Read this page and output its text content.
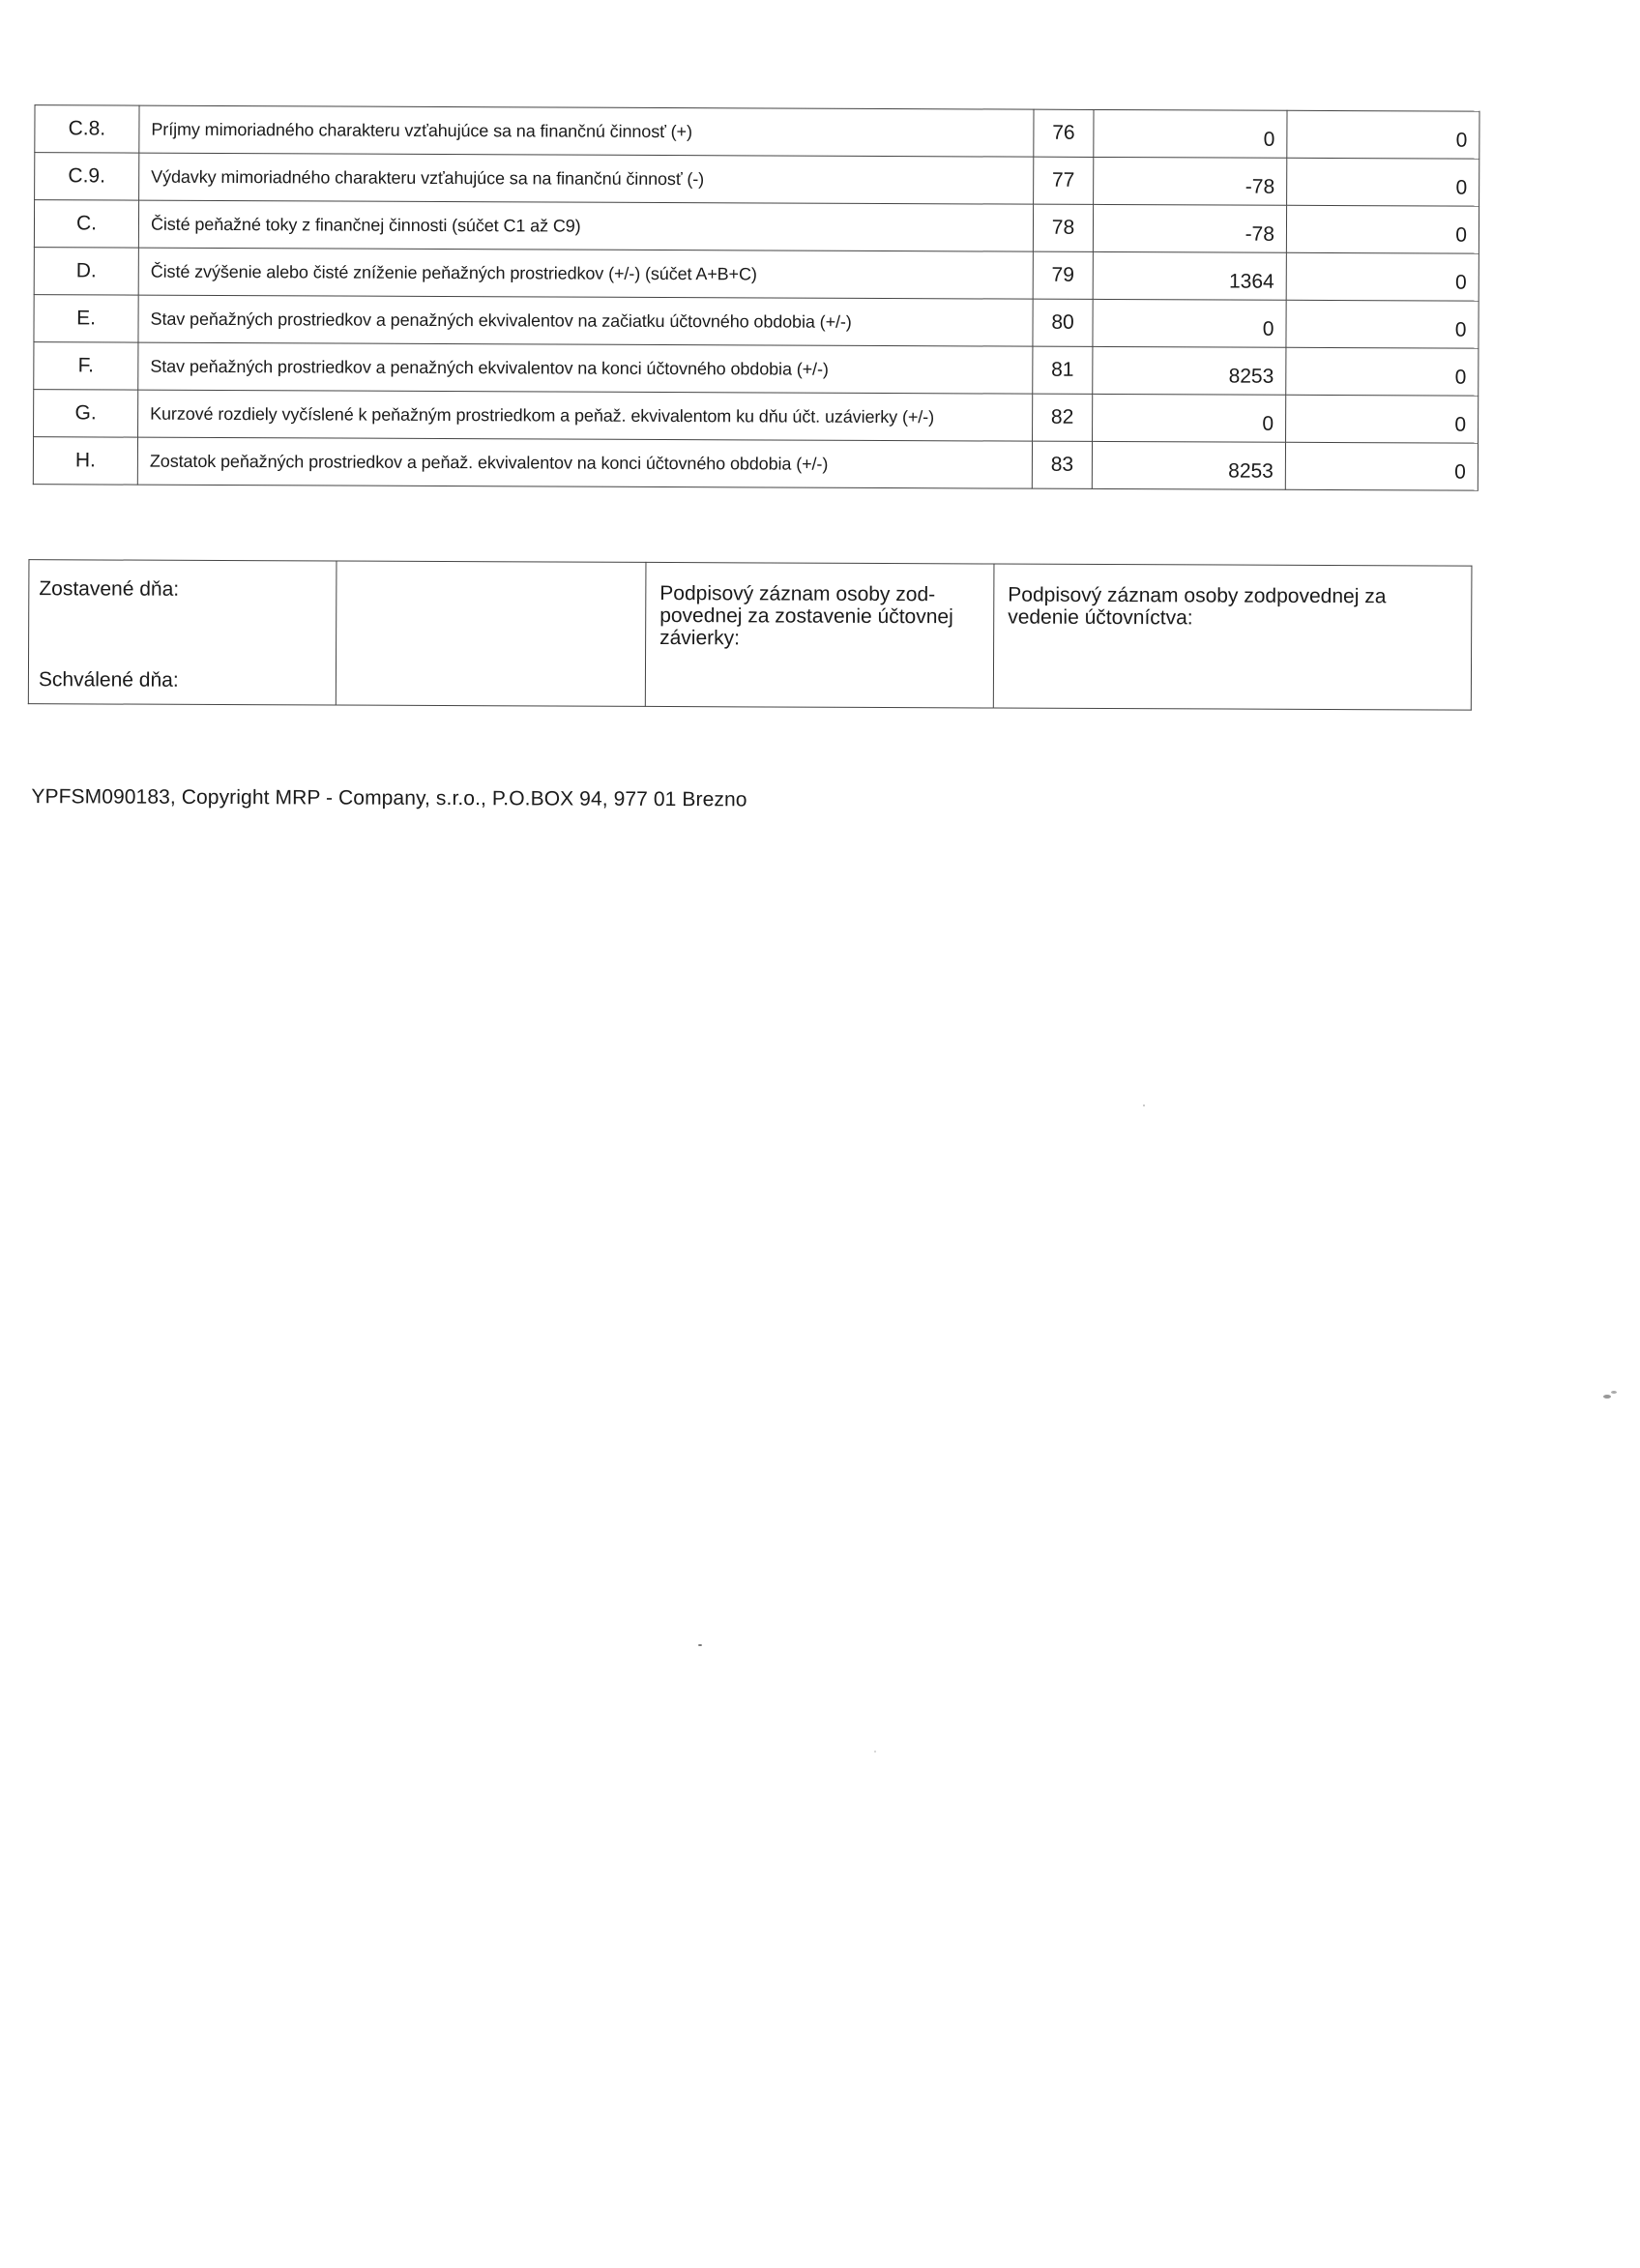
C.8.	Príjmy mimoriadného charakteru vzťahujúce sa na finančnú činnosť (+)	76	0	0
C.9.	Výdavky mimoriadného charakteru vzťahujúce sa na finančnú činnosť (-)	77	-78	0
C.	Čisté peňažné toky z finančnej činnosti (súčet C1 až C9)	78	-78	0
D.	Čisté zvýšenie alebo čisté zníženie peňažných prostriedkov (+/-) (súčet A+B+C)	79	1364	0
E.	Stav peňažných prostriedkov a penažných ekvivalentov na začiatku účtovného obdobia (+/-)	80	0	0
F.	Stav peňažných prostriedkov a penažných ekvivalentov na konci účtovného obdobia (+/-)	81	8253	0
G.	Kurzové rozdiely vyčíslené k peňažným prostriedkom a peňaž. ekvivalentom ku dňu účt. uzávierky (+/-)	82	0	0
H.	Zostatok peňažných prostriedkov a peňaž. ekvivalentov na konci účtovného obdobia (+/-)	83	8253	0
Zostavené dňa:
Schválené dňa:
		Podpisový záznam osoby zod-povednej za zostavenie účtovnej závierky:	Podpisový záznam osoby zodpovednej za vedenie účtovníctva:
YPFSM090183, Copyright MRP - Company, s.r.o., P.O.BOX 94, 977 01 Brezno
